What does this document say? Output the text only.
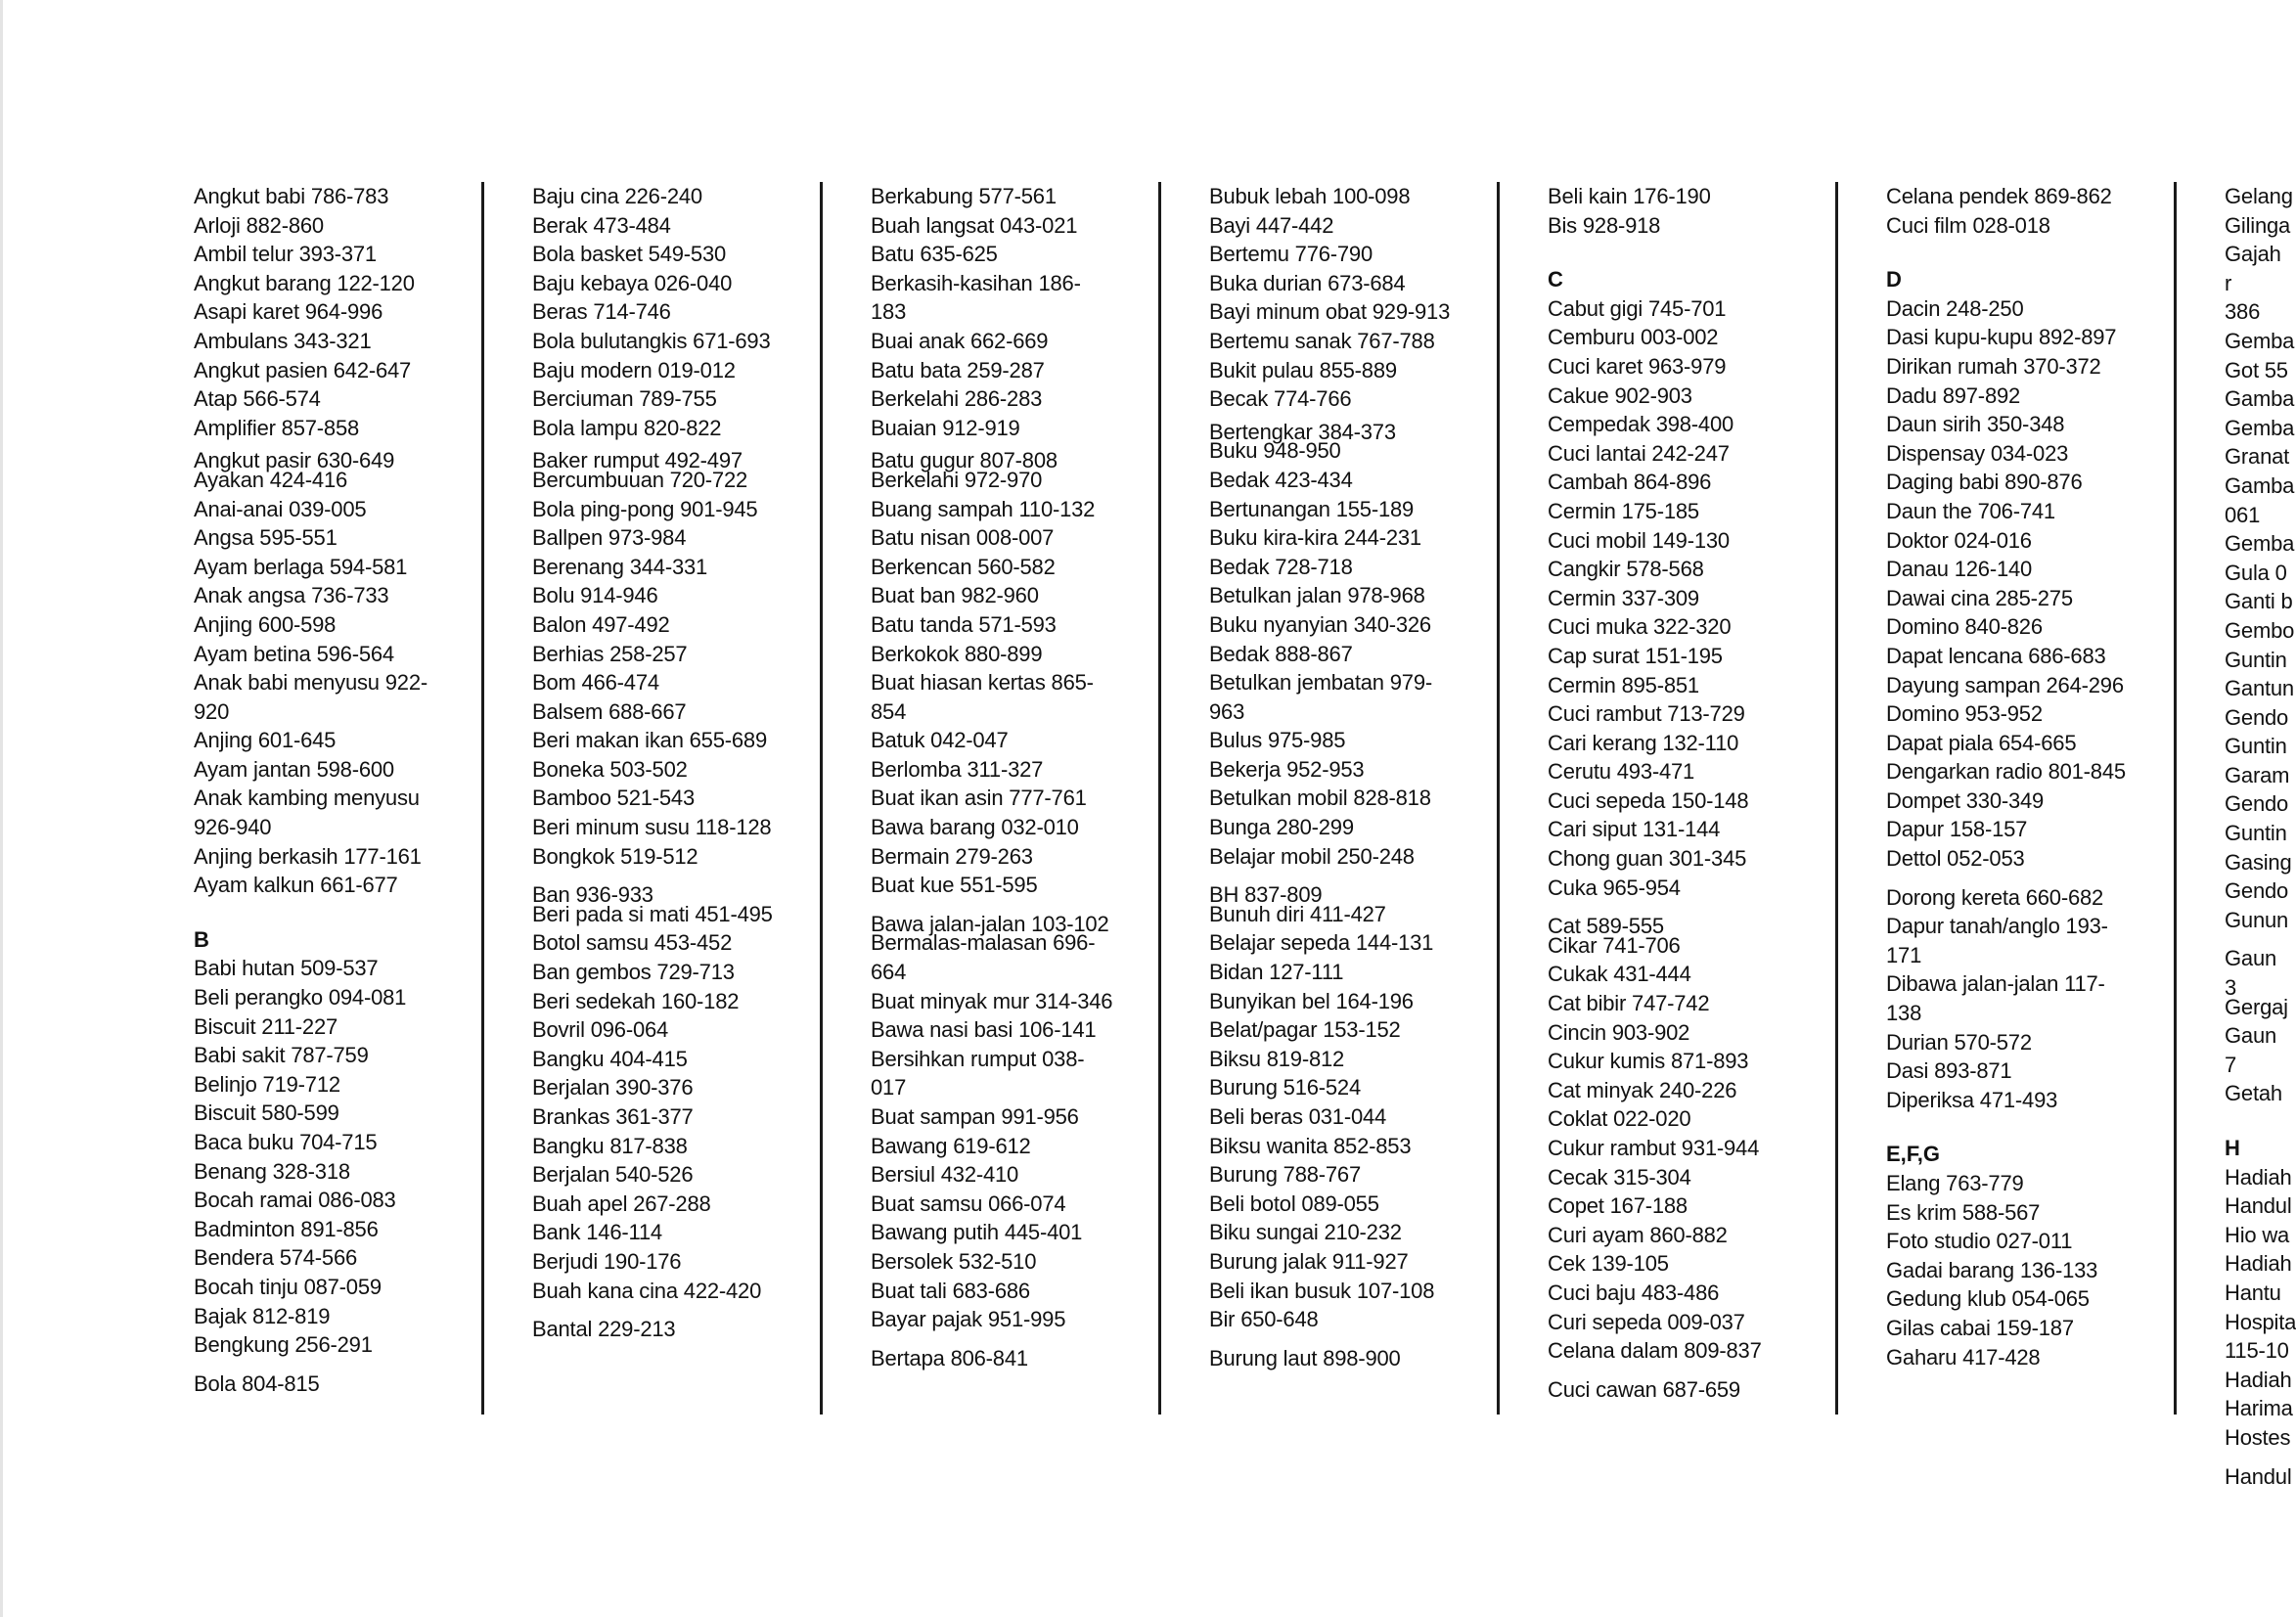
Angkut babi 786-783
Arloji 882-860
Ambil telur 393-371
Angkut barang 122-120
Asapi karet 964-996
Ambulans 343-321
Angkut pasien 642-647
Atap 566-574
Amplifier 857-858
Angkut pasir 630-649
Ayakan 424-416
Anai-anai 039-005
Angsa 595-551
Ayam berlaga 594-581
Anak angsa 736-733
Anjing 600-598
Ayam betina 596-564
Anak babi menyusu 922-920
Anjing 601-645
Ayam jantan 598-600
Anak kambing menyusu 926-940
Anjing berkasih 177-161
Ayam kalkun 661-677
B
Babi hutan 509-537
Beli perangko 094-081
Biscuit 211-227
Babi sakit 787-759
Belinjo 719-712
Biscuit 580-599
Baca buku 704-715
Benang 328-318
Bocah ramai 086-083
Badminton 891-856
Bendera 574-566
Bocah tinju 087-059
Bajak 812-819
Bengkung 256-291
Bola 804-815
Baju cina 226-240
Berak 473-484
Bola basket 549-530
Baju kebaya 026-040
Beras 714-746
Bola bulutangkis 671-693
Baju modern 019-012
Berciuman 789-755
Bola lampu 820-822
Baker rumput 492-497
Bercumbuuan 720-722
Bola ping-pong 901-945
Ballpen 973-984
Berenang 344-331
Bolu 914-946
Balon 497-492
Berhias 258-257
Bom 466-474
Balsem 688-667
Beri makan ikan 655-689
Boneka 503-502
Bamboo 521-543
Beri minum susu 118-128
Bongkok 519-512
Ban 936-933
Beri pada si mati 451-495
Botol samsu 453-452
Ban gembos 729-713
Beri sedekah 160-182
Bovril 096-064
Bangku 404-415
Berjalan 390-376
Brankas 361-377
Bangku 817-838
Berjalan 540-526
Buah apel 267-288
Bank 146-114
Berjudi 190-176
Buah kana cina 422-420
Bantal 229-213
Berkabung 577-561
Buah langsat 043-021
Batu 635-625
Berkasih-kasihan 186-183
Buai anak 662-669
Batu bata 259-287
Berkelahi 286-283
Buaian 912-919
Batu gugur 807-808
Berkelahi 972-970
Buang sampah 110-132
Batu nisan 008-007
Berkencan 560-582
Buat ban 982-960
Batu tanda 571-593
Berkokok 880-899
Buat hiasan kertas 865-854
Batuk 042-047
Berlomba 311-327
Buat ikan asin 777-761
Bawa barang 032-010
Bermain 279-263
Buat kue 551-595
Bawa jalan-jalan 103-102
Bermalas-malasan 696-664
Buat minyak mur 314-346
Bawa nasi basi 106-141
Bersihkan rumput 038-017
Buat sampan 991-956
Bawang 619-612
Bersiul 432-410
Buat samsu 066-074
Bawang putih 445-401
Bersolek 532-510
Buat tali 683-686
Bayar pajak 951-995
Bertapa 806-841
Bubuk lebah 100-098
Bayi 447-442
Bertemu 776-790
Buka durian 673-684
Bayi minum obat 929-913
Bertemu sanak 767-788
Bukit pulau 855-889
Becak 774-766
Bertengkar 384-373
Buku 948-950
Bedak 423-434
Bertunangan 155-189
Buku kira-kira 244-231
Bedak 728-718
Betulkan jalan 978-968
Buku nyanyian 340-326
Bedak 888-867
Betulkan jembatan 979-963
Bulus 975-985
Bekerja 952-953
Betulkan mobil 828-818
Bunga 280-299
Belajar mobil 250-248
BH 837-809
Bunuh diri 411-427
Belajar sepeda 144-131
Bidan 127-111
Bunyikan bel 164-196
Belat/pagar 153-152
Biksu 819-812
Burung 516-524
Beli beras 031-044
Biksu wanita 852-853
Burung 788-767
Beli botol 089-055
Biku sungai 210-232
Burung jalak 911-927
Beli ikan busuk 107-108
Bir 650-648
Burung laut 898-900
Beli kain 176-190
Bis 928-918
C
Cabut gigi 745-701
Cemburu 003-002
Cuci karet 963-979
Cakue 902-903
Cempedak 398-400
Cuci lantai 242-247
Cambah 864-896
Cermin 175-185
Cuci mobil 149-130
Cangkir 578-568
Cermin 337-309
Cuci muka 322-320
Cap surat 151-195
Cermin 895-851
Cuci rambut 713-729
Cari kerang 132-110
Cerutu 493-471
Cuci sepeda 150-148
Cari siput 131-144
Chong guan 301-345
Cuka 965-954
Cat 589-555
Cikar 741-706
Cukak 431-444
Cat bibir 747-742
Cincin 903-902
Cukur kumis 871-893
Cat minyak 240-226
Coklat 022-020
Cukur rambut 931-944
Cecak 315-304
Copet 167-188
Curi ayam 860-882
Cek 139-105
Cuci baju 483-486
Curi sepeda 009-037
Celana dalam 809-837
Cuci cawan 687-659
Celana pendek 869-862
Cuci film 028-018
D
Dacin 248-250
Dasi kupu-kupu 892-897
Dirikan rumah 370-372
Dadu 897-892
Daun sirih 350-348
Dispensay 034-023
Daging babi 890-876
Daun the 706-741
Doktor 024-016
Danau 126-140
Dawai cina 285-275
Domino 840-826
Dapat lencana 686-683
Dayung sampan 264-296
Domino 953-952
Dapat piala 654-665
Dengarkan radio 801-845
Dompet 330-349
Dapur 158-157
Dettol 052-053
Dorong kereta 660-682
Dapur tanah/anglo 193-171
Dibawa jalan-jalan 117-138
Durian 570-572
Dasi 893-871
Diperiksa 471-493
E,F,G
Elang 763-779
Es krim 588-567
Foto studio 027-011
Gadai barang 136-133
Gedung klub 054-065
Gilas cabai 159-187
Gaharu 417-428
Gelang
Gilinga
Gajah r
386
Gemba
Got 55
Gamba
Gemba
Granat
Gamba
061
Gemba
Gula 0
Ganti b
Gembo
Guntin
Gantun
Gendo
Guntin
Garam
Gendo
Guntin
Gasing
Gendo
Gunun
Gaun 3
Gergaj
Gaun 7
Getah
H
Hadiah
Handul
Hio wa
Hadiah
Hantu
Hospita
115-10
Hadiah
Harima
Hostes
Handul
